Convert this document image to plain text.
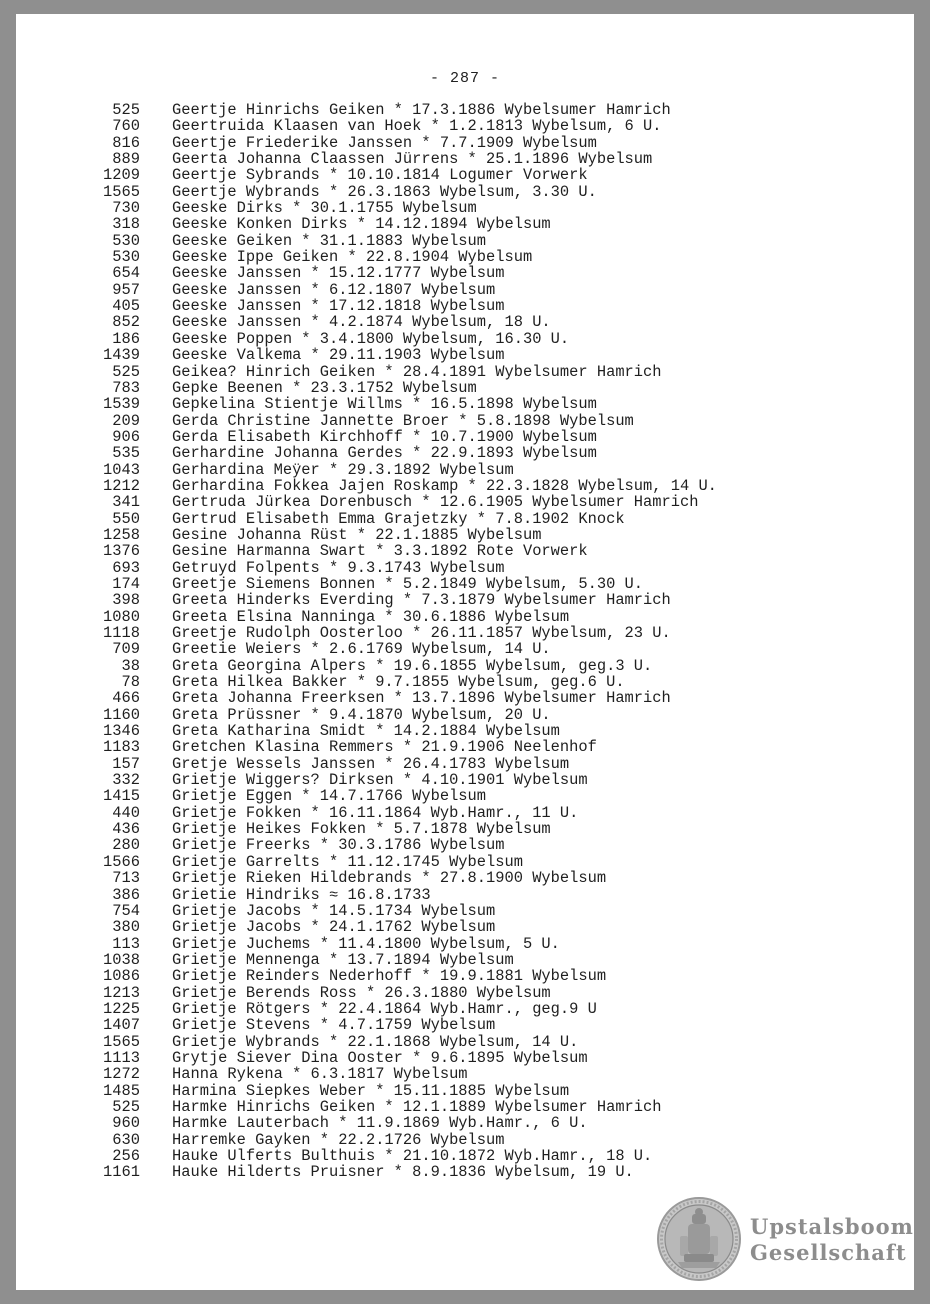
- 287 -
525 Geertje Hinrichs Geiken * 17.3.1886 Wybelsumer Hamrich
760 Geertruida Klaasen van Hoek * 1.2.1813 Wybelsum, 6 U.
816 Geertje Friederike Janssen * 7.7.1909 Wybelsum
889 Geerta Johanna Claassen Jürrens * 25.1.1896 Wybelsum
1209 Geertje Sybrands * 10.10.1814 Logumer Vorwerk
1565 Geertje Wybrands * 26.3.1863 Wybelsum, 3.30 U.
730 Geeske Dirks * 30.1.1755 Wybelsum
318 Geeske Konken Dirks * 14.12.1894 Wybelsum
530 Geeske Geiken * 31.1.1883 Wybelsum
530 Geeske Ippe Geiken * 22.8.1904 Wybelsum
654 Geeske Janssen * 15.12.1777 Wybelsum
957 Geeske Janssen * 6.12.1807 Wybelsum
405 Geeske Janssen * 17.12.1818 Wybelsum
852 Geeske Janssen * 4.2.1874 Wybelsum, 18 U.
186 Geeske Poppen * 3.4.1800 Wybelsum, 16.30 U.
1439 Geeske Valkema * 29.11.1903 Wybelsum
525 Geikea? Hinrich Geiken * 28.4.1891 Wybelsumer Hamrich
783 Gepke Beenen * 23.3.1752 Wybelsum
1539 Gepkelina Stientje Willms * 16.5.1898 Wybelsum
209 Gerda Christine Jannette Broer * 5.8.1898 Wybelsum
906 Gerda Elisabeth Kirchhoff * 10.7.1900 Wybelsum
535 Gerhardine Johanna Gerdes * 22.9.1893 Wybelsum
1043 Gerhardina Meÿer * 29.3.1892 Wybelsum
1212 Gerhardina Fokkea Jajen Roskamp * 22.3.1828 Wybelsum, 14 U.
341 Gertruda Jürkea Dorenbusch * 12.6.1905 Wybelsumer Hamrich
550 Gertrud Elisabeth Emma Grajetzky * 7.8.1902 Knock
1258 Gesine Johanna Rüst * 22.1.1885 Wybelsum
1376 Gesine Harmanna Swart * 3.3.1892 Rote Vorwerk
693 Getruyd Folpents * 9.3.1743 Wybelsum
174 Greetje Siemens Bonnen * 5.2.1849 Wybelsum, 5.30 U.
398 Greeta Hinderks Everding * 7.3.1879 Wybelsumer Hamrich
1080 Greeta Elsina Nanninga * 30.6.1886 Wybelsum
1118 Greetje Rudolph Oosterloo * 26.11.1857 Wybelsum, 23 U.
709 Greetie Weiers * 2.6.1769 Wybelsum, 14 U.
38 Greta Georgina Alpers * 19.6.1855 Wybelsum, geg.3 U.
78 Greta Hilkea Bakker * 9.7.1855 Wybelsum, geg.6 U.
466 Greta Johanna Freerksen * 13.7.1896 Wybelsumer Hamrich
1160 Greta Prüssner * 9.4.1870 Wybelsum, 20 U.
1346 Greta Katharina Smidt * 14.2.1884 Wybelsum
1183 Gretchen Klasina Remmers * 21.9.1906 Neelenhof
157 Gretje Wessels Janssen * 26.4.1783 Wybelsum
332 Grietje Wiggers? Dirksen * 4.10.1901 Wybelsum
1415 Grietje Eggen * 14.7.1766 Wybelsum
440 Grietje Fokken * 16.11.1864 Wyb.Hamr., 11 U.
436 Grietje Heikes Fokken * 5.7.1878 Wybelsum
280 Grietje Freerks * 30.3.1786 Wybelsum
1566 Grietje Garrelts * 11.12.1745 Wybelsum
713 Grietje Rieken Hildebrands * 27.8.1900 Wybelsum
386 Grietie Hindriks ≈ 16.8.1733
754 Grietje Jacobs * 14.5.1734 Wybelsum
380 Grietje Jacobs * 24.1.1762 Wybelsum
113 Grietje Juchems * 11.4.1800 Wybelsum, 5 U.
1038 Grietje Mennenga * 13.7.1894 Wybelsum
1086 Grietje Reinders Nederhoff * 19.9.1881 Wybelsum
1213 Grietje Berends Ross * 26.3.1880 Wybelsum
1225 Grietje Rötgers * 22.4.1864 Wyb.Hamr., geg.9 U
1407 Grietje Stevens * 4.7.1759 Wybelsum
1565 Grietje Wybrands * 22.1.1868 Wybelsum, 14 U.
1113 Grytje Siever Dina Ooster * 9.6.1895 Wybelsum
1272 Hanna Rykena * 6.3.1817 Wybelsum
1485 Harmina Siepkes Weber * 15.11.1885 Wybelsum
525 Harmke Hinrichs Geiken * 12.1.1889 Wybelsumer Hamrich
960 Harmke Lauterbach * 11.9.1869 Wyb.Hamr., 6 U.
630 Harremke Gayken * 22.2.1726 Wybelsum
256 Hauke Ulferts Bulthuis * 21.10.1872 Wyb.Hamr., 18 U.
1161 Hauke Hilderts Pruisner * 8.9.1836 Wybelsum, 19 U.
Upstalsboom
Gesellschaft
